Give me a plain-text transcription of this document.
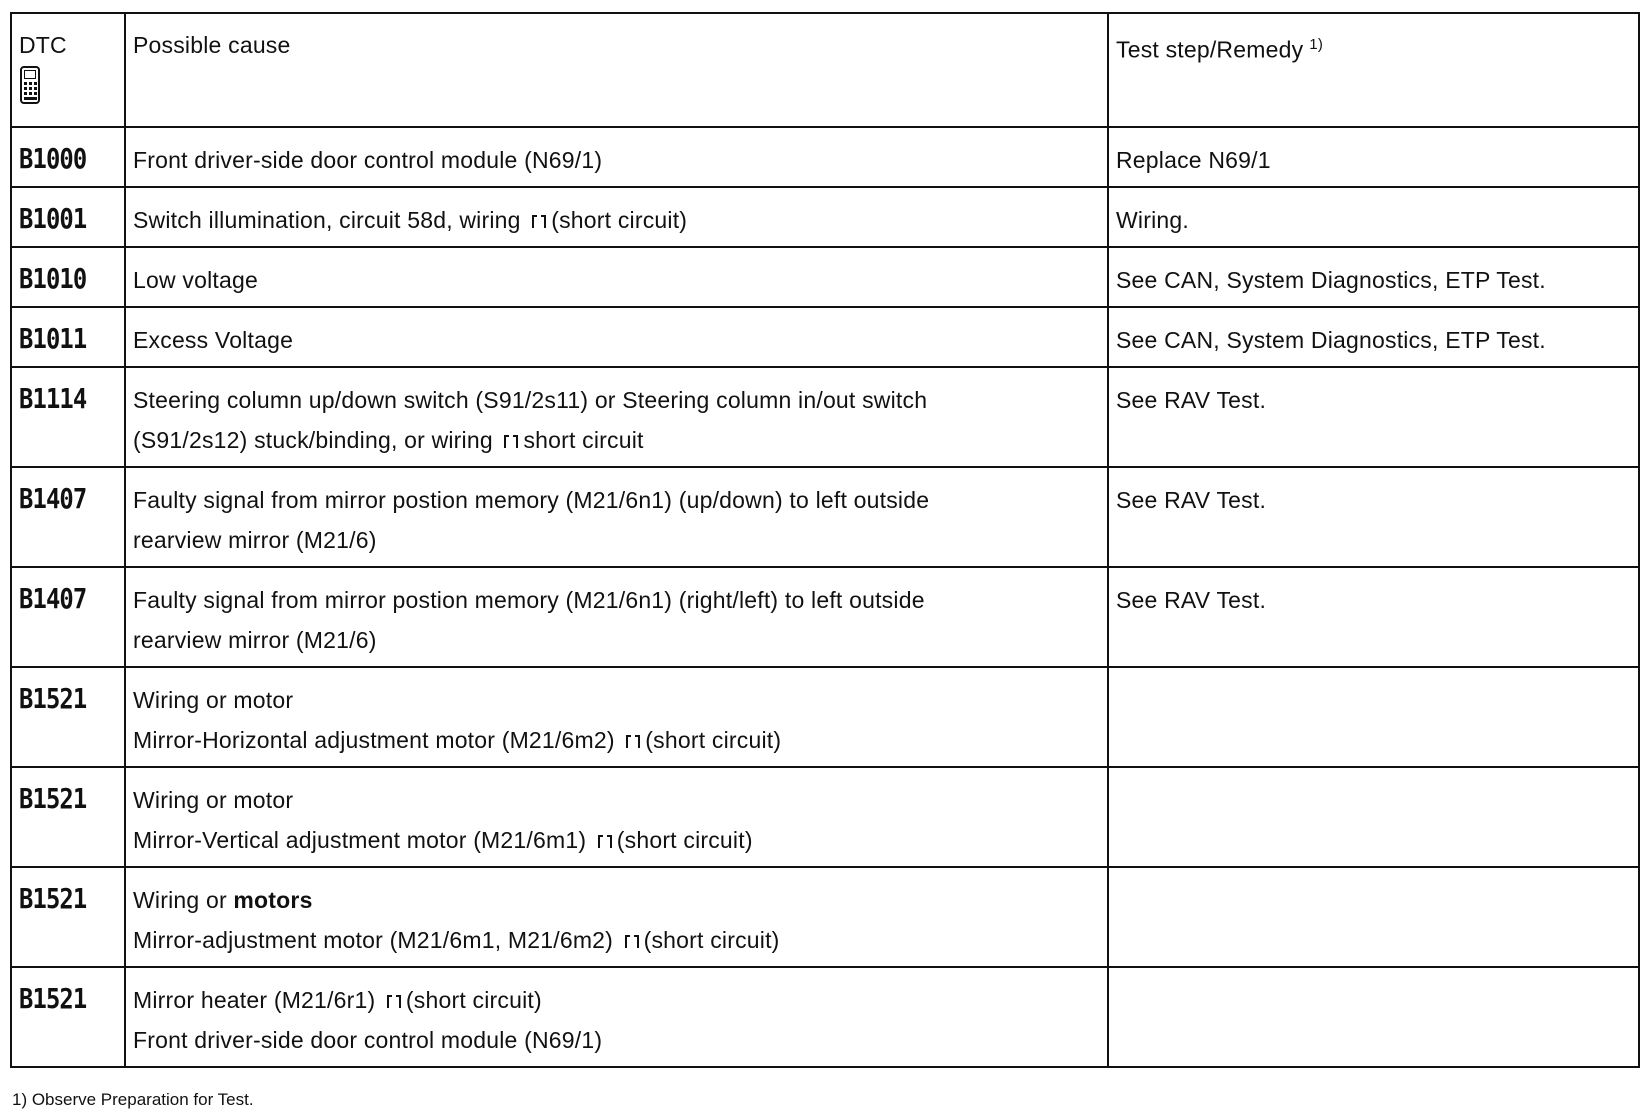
DTC	Possible cause	Test step/Remedy $^{1)}$
B1000	Front driver-side door control module (N69/1)	Replace N69/1
B1001	Switch illumination, circuit 58d, wiring (short circuit)	Wiring.
B1010	Low voltage	See CAN, System Diagnostics, ETP Test.
B1011	Excess Voltage	See CAN, System Diagnostics, ETP Test.
B1114	Steering column up/down switch (S91/2s11) or Steering column in/out switch
(S91/2s12) stuck/binding, or wiring short circuit	See RAV Test.
B1407	Faulty signal from mirror postion memory (M21/6n1) (up/down) to left outside
rearview mirror (M21/6)	See RAV Test.
B1407	Faulty signal from mirror postion memory (M21/6n1) (right/left) to left outside
rearview mirror (M21/6)	See RAV Test.
B1521	Wiring or motor
Mirror-Horizontal adjustment motor (M21/6m2) (short circuit)	

B1521	Wiring or motor
Mirror-Vertical adjustment motor (M21/6m1) (short circuit)	

B1521	Wiring or motors
Mirror-adjustment motor (M21/6m1, M21/6m2) (short circuit)	

B1521	Mirror heater (M21/6r1) (short circuit)
Front driver-side door control module (N69/1)	

1) Observe Preparation for Test.
